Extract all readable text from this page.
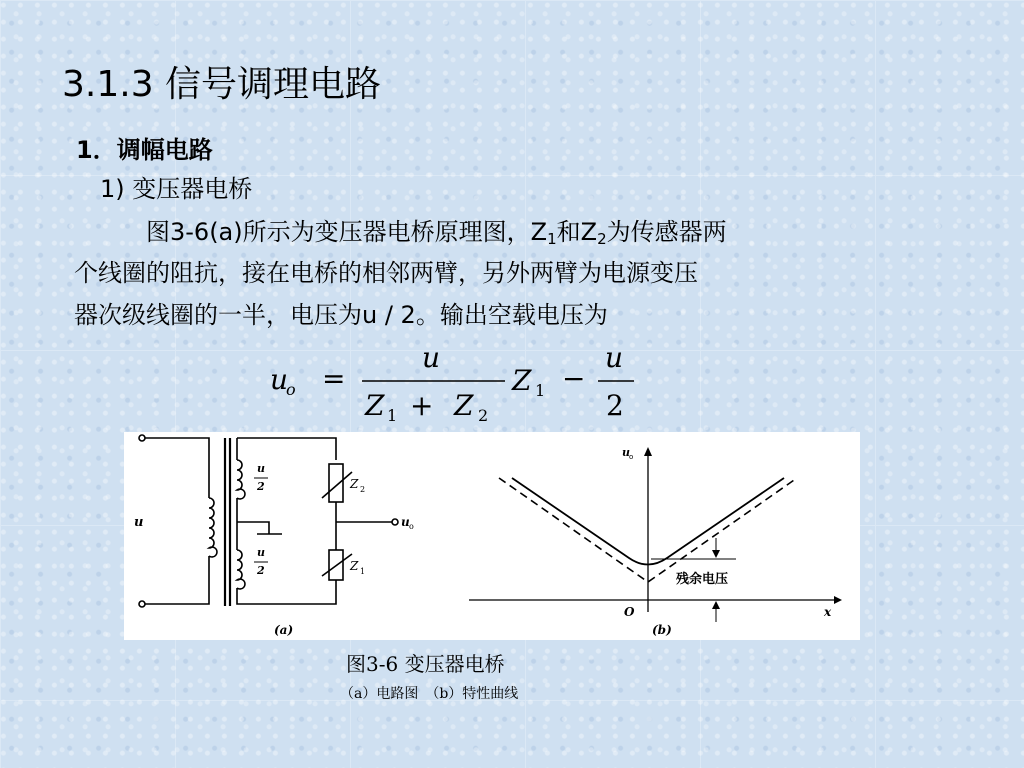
3.1.3 信号调理电路
1．调幅电路
1) 变压器电桥
图3-6(a)所示为变压器电桥原理图，$Z_1$和$Z_2$为传感器两
个线圈的阻抗，接在电桥的相邻两臂，另外两臂为电源变压
器次级线圈的一半，电压为u / 2。输出空载电压为
u
o =
u
Z 1 + Z 2
Z 1 −
u
2
u
u
2
u
2
Z 2
Z 1
u o
(a)
u o
x
O
残余电压
(b)
图3-6 变压器电桥
（a）电路图　（b）特性曲线
